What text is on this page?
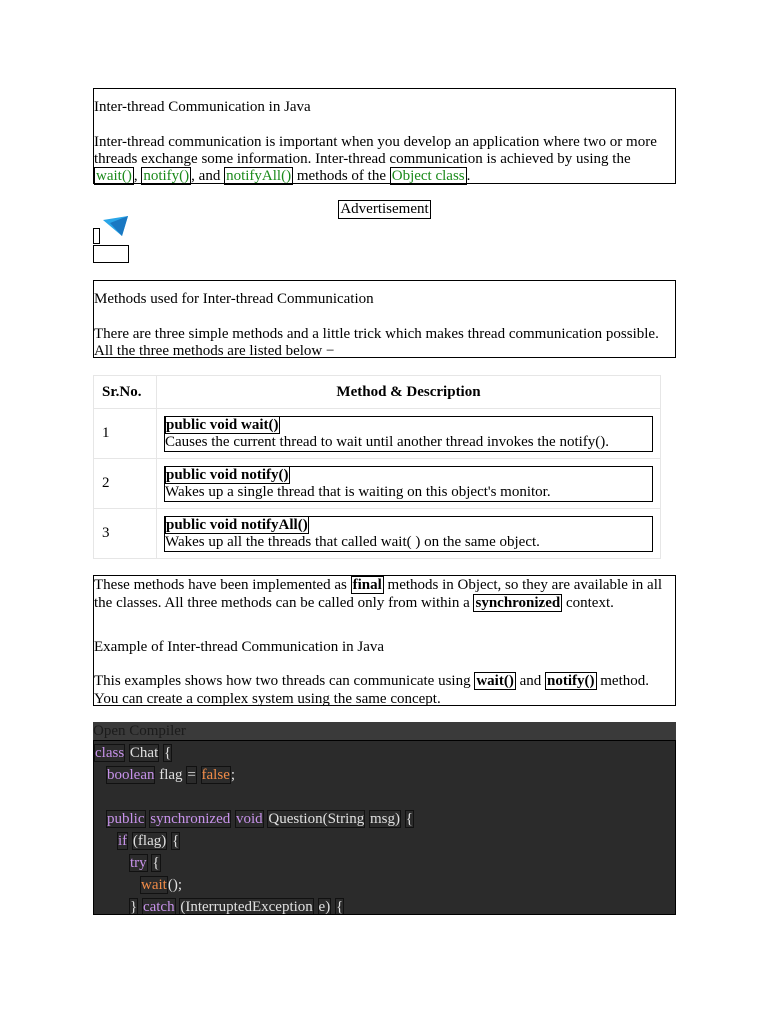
Inter-thread Communication in Java

Inter-thread communication is important when you develop an application where two or more threads exchange some information. Inter-thread communication is achieved by using the wait() , notify() , and notifyAll() methods of the Object class .

Advertisement

Methods used for Inter-thread Communication

There are three simple methods and a little trick which makes thread communication possible. All the three methods are listed below −

Sr.No.	Method & Description
1	public void wait()
Causes the current thread to wait until another thread invokes the notify().

2	public void notify()
Wakes up a single thread that is waiting on this object's monitor.

3	public void notifyAll()
Wakes up all the threads that called wait( ) on the same object.

These methods have been implemented as final methods in Object, so they are available in all the classes. All three methods can be called only from within a synchronized context.

Example of Inter-thread Communication in Java

This examples shows how two threads can communicate using wait() and notify() method. You can create a complex system using the same concept.

Open Compiler
class Chat {
boolean flag = false;
public synchronized void Question(String msg) {
if (flag) {
try {
wait();
} catch (InterruptedException e) {
